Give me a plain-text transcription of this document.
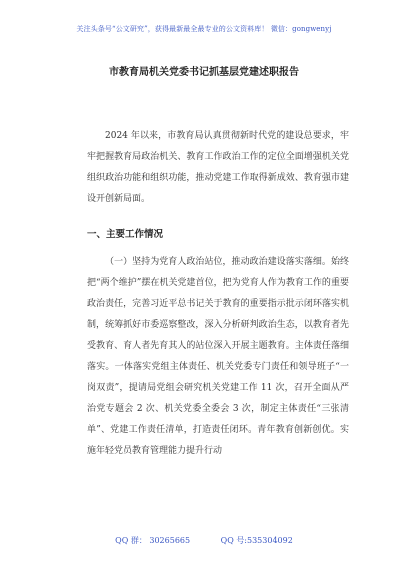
关注头条号“公文研究”，获得最新最全最专业的公文资料库！ 微信：gongwenyj
市教育局机关党委书记抓基层党建述职报告

2024 年以来，市教育局认真贯彻新时代党的建设总要求，牢牢把握教育局政治机关、教育工作政治工作的定位全面增强机关党组织政治功能和组织功能，推动党建工作取得新成效、教育强市建设开创新局面。

一、主要工作情况

（一）坚持为党育人政治站位，推动政治建设落实落细。始终把“两个维护”摆在机关党建首位，把为党育人作为教育工作的重要政治责任，完善习近平总书记关于教育的重要指示批示闭环落实机制，统筹抓好市委巡察整改，深入分析研判政治生态，以教育者先受教育、育人者先育其人的站位深入开展主题教育。主体责任落细落实。一体落实党组主体责任、机关党委专门责任和领导班子“一岗双责”，提请局党组会研究机关党建工作 11 次，召开全面从严治党专题会 2 次、机关党委全委会 3 次，制定主体责任“三张清单”、党建工作责任清单，打造责任闭环。青年教育创新创优。实施年轻党员教育管理能力提升行动

QQ 群： 30265665	QQ 号:535304092
